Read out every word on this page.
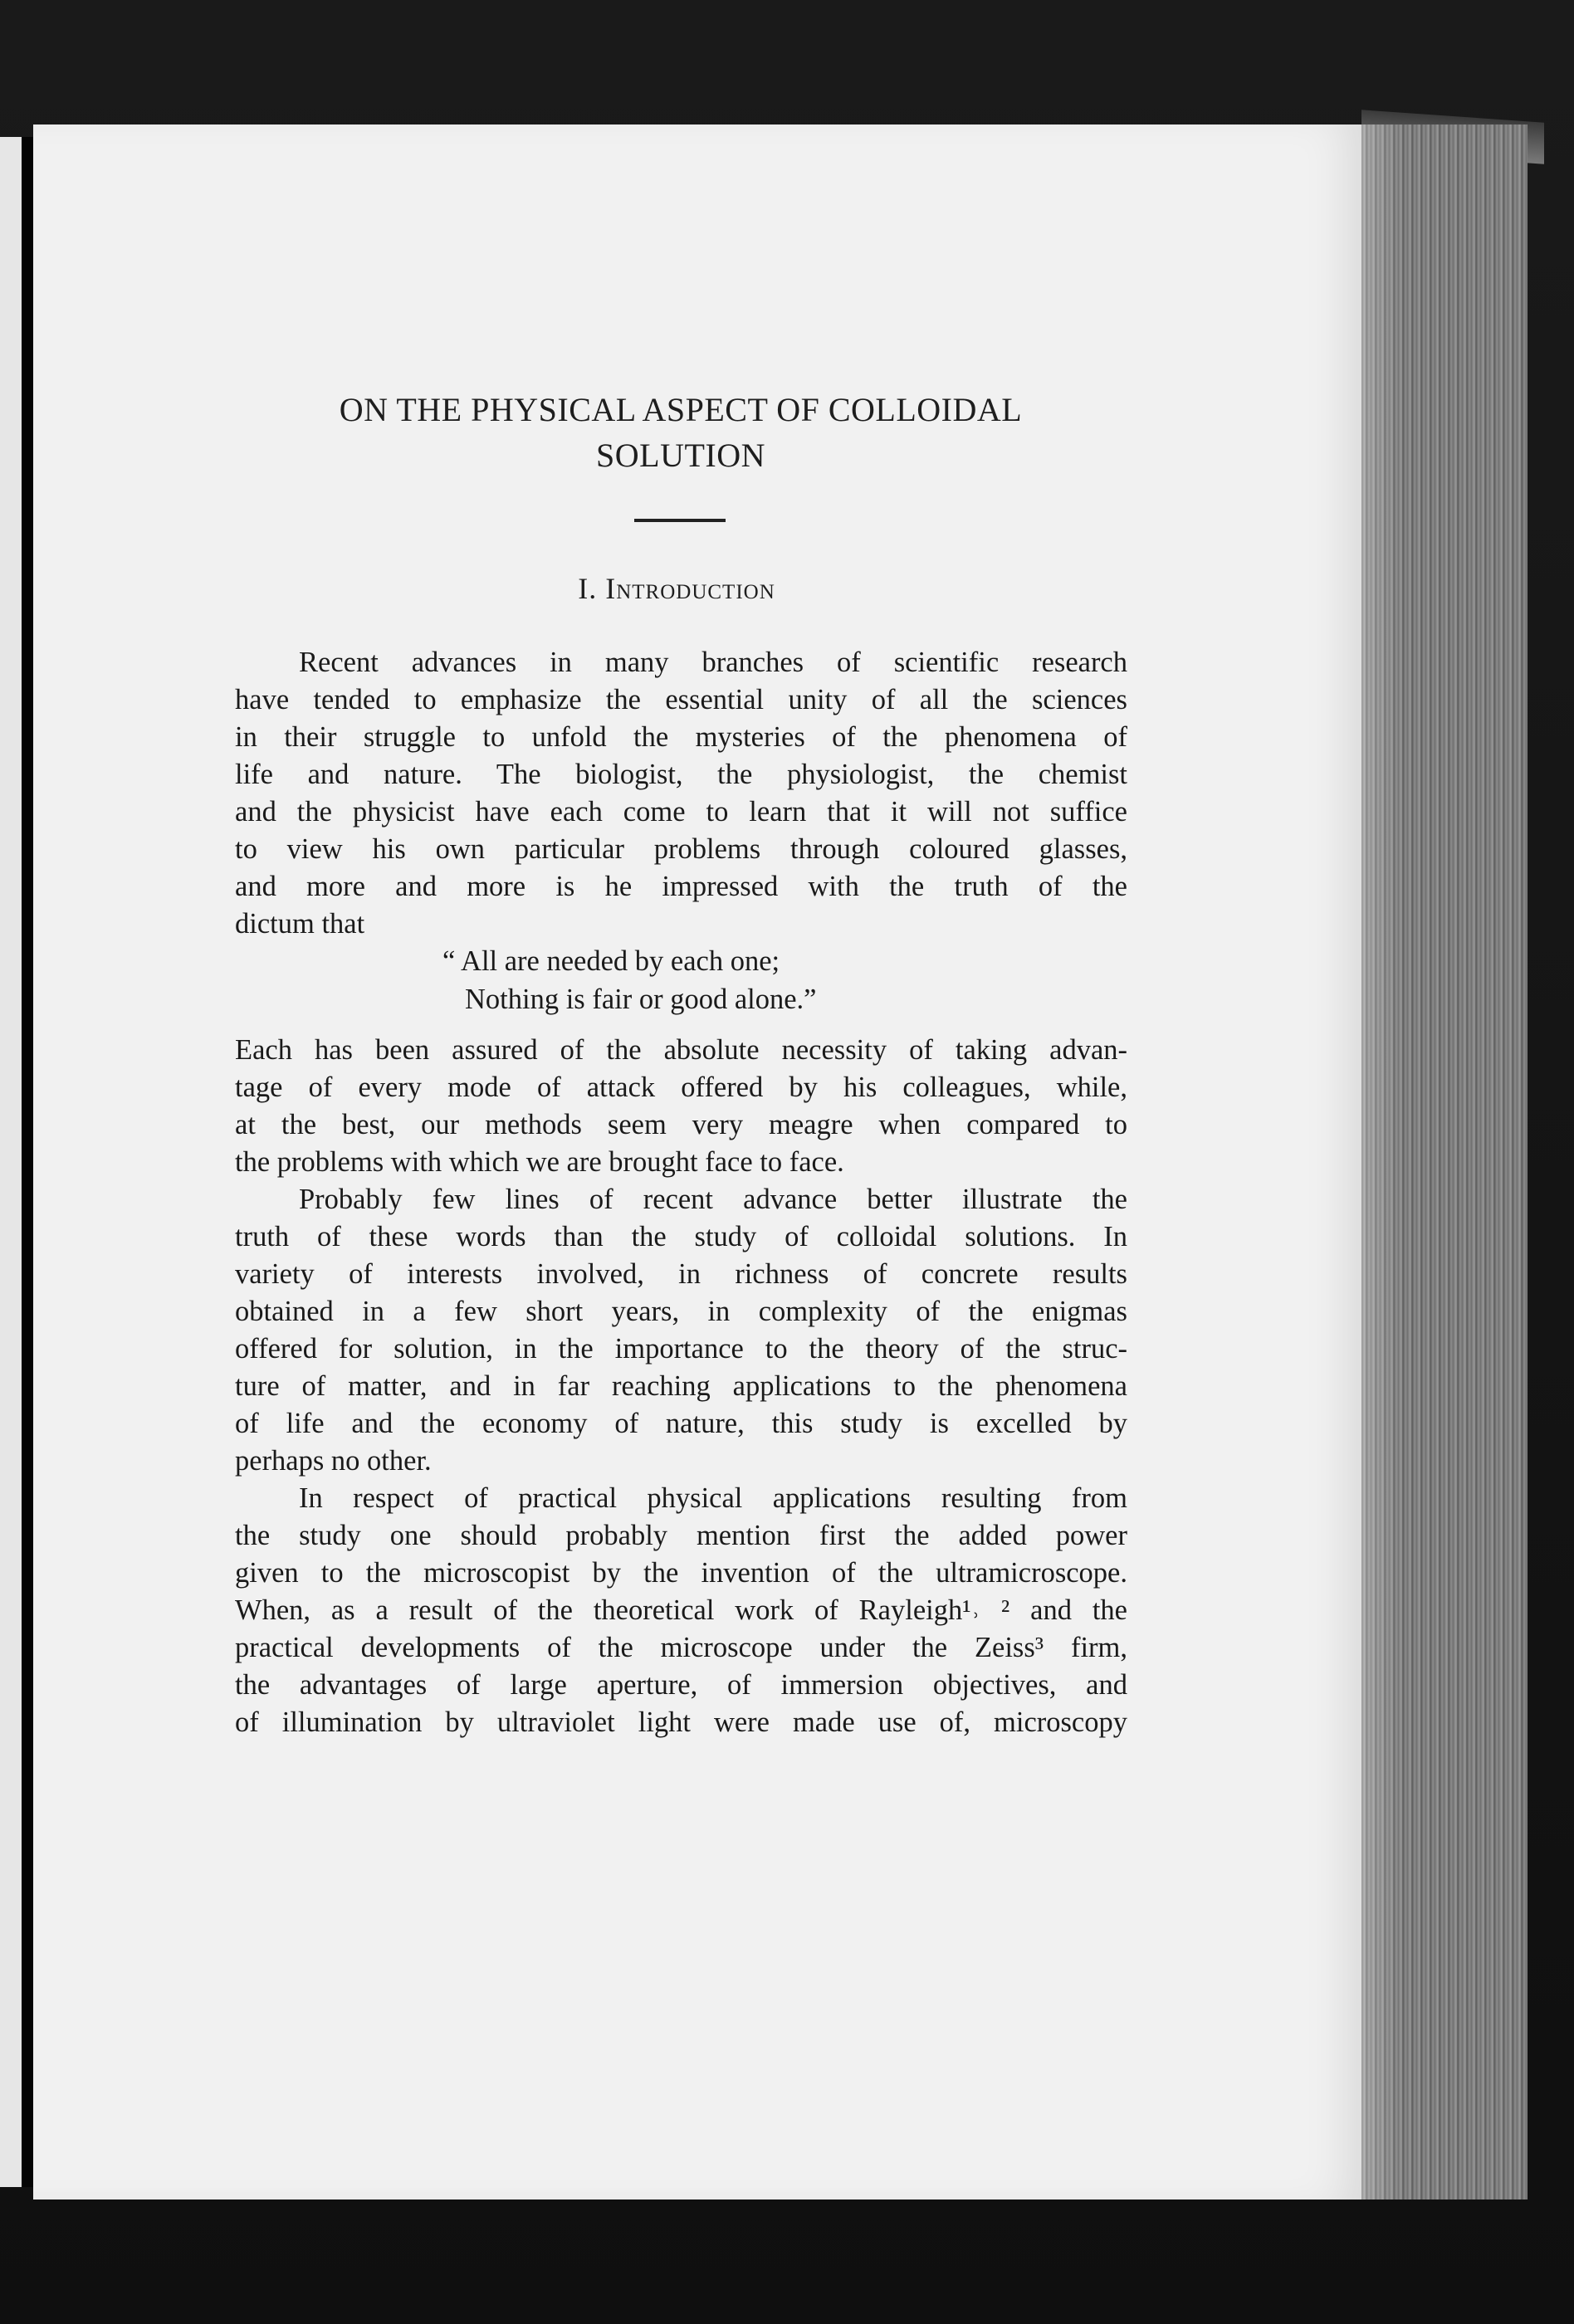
ON THE PHYSICAL ASPECT OF COLLOIDAL
SOLUTION
I. Introduction
Recent advances in many branches of scientific research
have tended to emphasize the essential unity of all the sciences
in their struggle to unfold the mysteries of the phenomena of
life and nature. The biologist, the physiologist, the chemist
and the physicist have each come to learn that it will not suffice
to view his own particular problems through coloured glasses,
and more and more is he impressed with the truth of the
dictum that
“ All are needed by each one;
Nothing is fair or good alone.”
Each has been assured of the absolute necessity of taking advan-
tage of every mode of attack offered by his colleagues, while,
at the best, our methods seem very meagre when compared to
the problems with which we are brought face to face.
Probably few lines of recent advance better illustrate the
truth of these words than the study of colloidal solutions. In
variety of interests involved, in richness of concrete results
obtained in a few short years, in complexity of the enigmas
offered for solution, in the importance to the theory of the struc-
ture of matter, and in far reaching applications to the phenomena
of life and the economy of nature, this study is excelled by
perhaps no other.
In respect of practical physical applications resulting from
the study one should probably mention first the added power
given to the microscopist by the invention of the ultramicroscope.
When, as a result of the theoretical work of Rayleigh¹˒ ² and the
practical developments of the microscope under the Zeiss³ firm,
the advantages of large aperture, of immersion objectives, and
of illumination by ultraviolet light were made use of, microscopy
